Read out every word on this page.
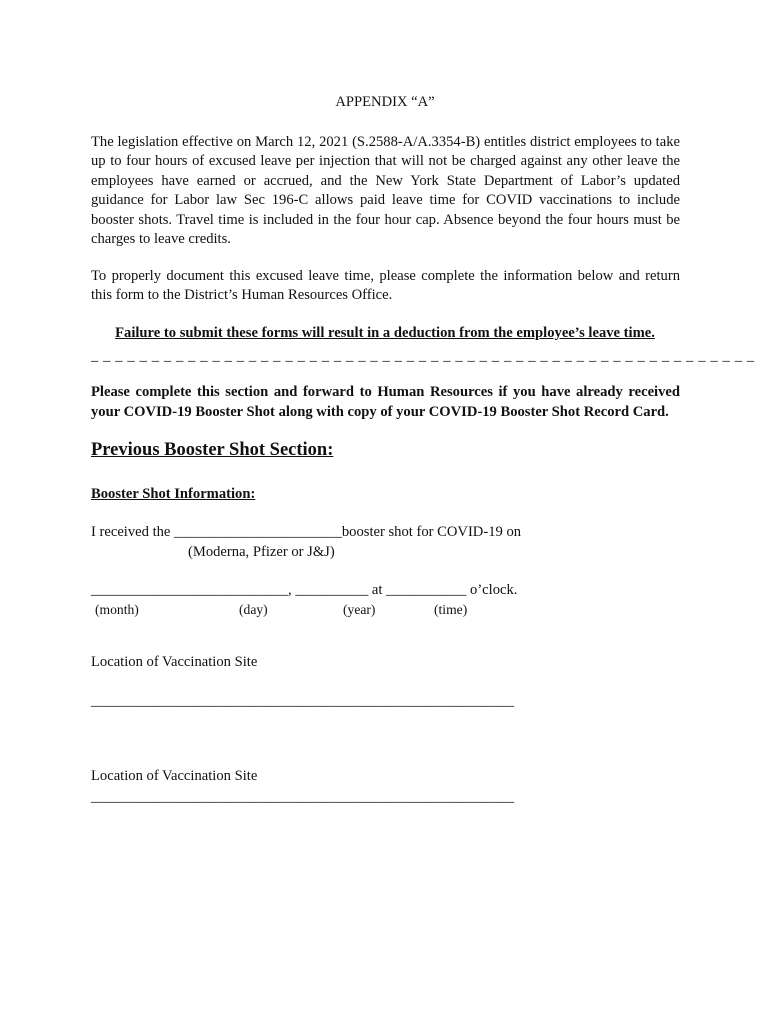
APPENDIX “A”

The legislation effective on March 12, 2021 (S.2588-A/A.3354-B) entitles district employees to take up to four hours of excused leave per injection that will not be charged against any other leave the employees have earned or accrued, and the New York State Department of Labor’s updated guidance for Labor law Sec 196-C allows paid leave time for COVID vaccinations to include booster shots. Travel time is included in the four hour cap. Absence beyond the four hours must be charges to leave credits.

To properly document this excused leave time, please complete the information below and return this form to the District’s Human Resources Office.

Failure to submit these forms will result in a deduction from the employee’s leave time.

_ _ _ _ _ _ _ _ _ _ _ _ _ _ _ _ _ _ _ _ _ _ _ _ _ _ _ _ _ _ _ _ _ _ _ _ _ _ _ _ _ _ _ _ _ _ _ _ _ _ _ _ _ _ _

Please complete this section and forward to Human Resources if you have already received your COVID-19 Booster Shot along with copy of your COVID-19 Booster Shot Record Card.

Previous Booster Shot Section:

Booster Shot Information:

I received the _______________________booster shot for COVID-19 on

(Moderna, Pfizer or J&J)

___________________________, __________ at ___________ o’clock.

(month)	(day)	(year)	(time)

Location of Vaccination Site

__________________________________________________________

Location of Vaccination Site

__________________________________________________________
